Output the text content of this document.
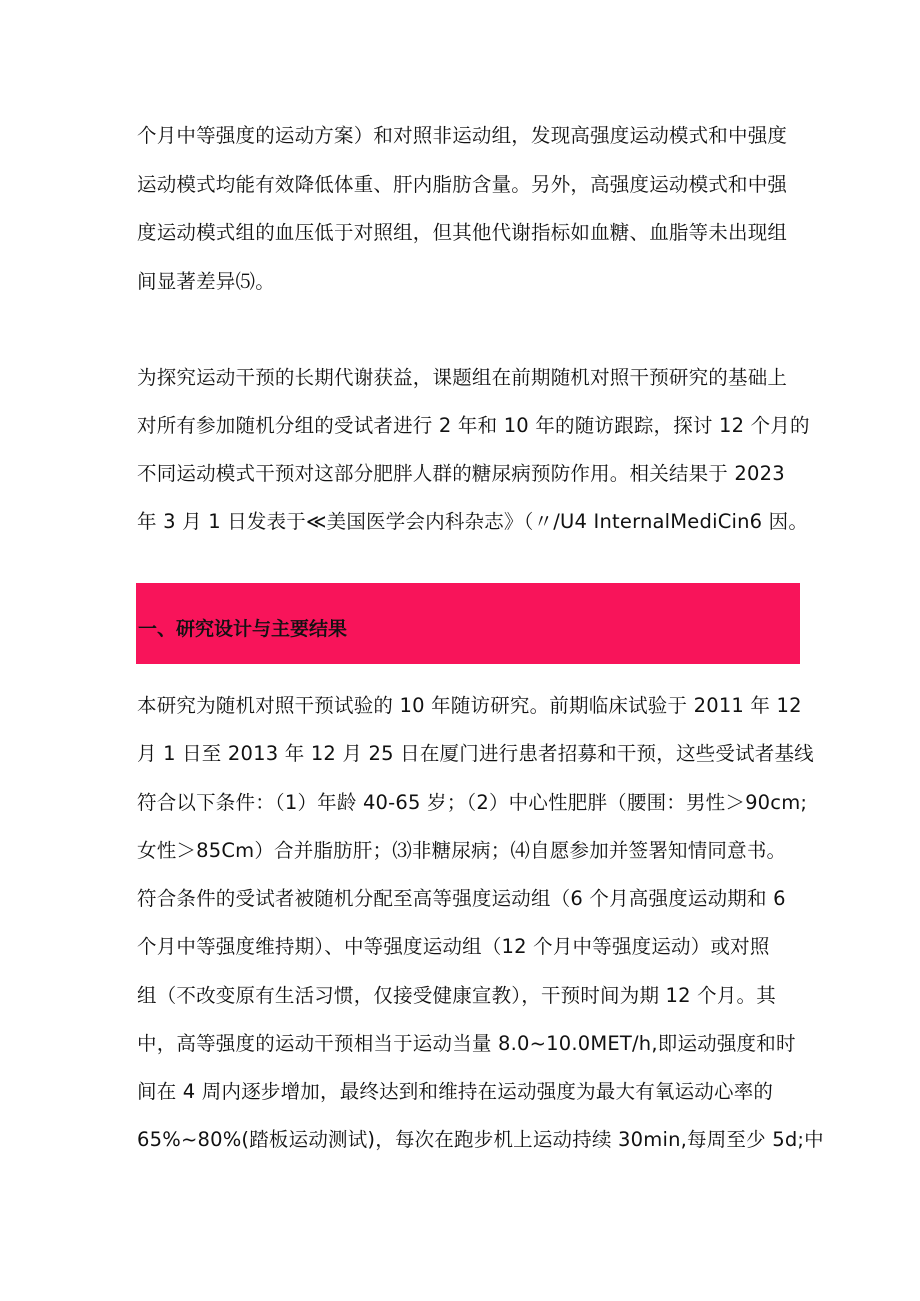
个月中等强度的运动方案）和对照非运动组，发现高强度运动模式和中强度
运动模式均能有效降低体重、肝内脂肪含量。另外，高强度运动模式和中强
度运动模式组的血压低于对照组，但其他代谢指标如血糖、血脂等未出现组
间显著差异⑸。
为探究运动干预的长期代谢获益，课题组在前期随机对照干预研究的基础上
对所有参加随机分组的受试者进行 2 年和 10 年的随访跟踪，探讨 12 个月的
不同运动模式干预对这部分肥胖人群的糖尿病预防作用。相关结果于 2023
年 3 月 1 日发表于≪美国医学会内科杂志》（〃/U4 InternalMediCin6 因。
一、研究设计与主要结果
本研究为随机对照干预试验的 10 年随访研究。前期临床试验于 2011 年 12
月 1 日至 2013 年 12 月 25 日在厦门进行患者招募和干预，这些受试者基线
符合以下条件：（1）年龄 40-65 岁；（2）中心性肥胖（腰围：男性＞90cm;
女性＞85Cm）合并脂肪肝；⑶非糖尿病；⑷自愿参加并签署知情同意书。
符合条件的受试者被随机分配至高等强度运动组（6 个月高强度运动期和 6
个月中等强度维持期）、中等强度运动组（12 个月中等强度运动）或对照
组（不改变原有生活习惯，仅接受健康宣教），干预时间为期 12 个月。其
中，高等强度的运动干预相当于运动当量 8.0~10.0MET/h,即运动强度和时
间在 4 周内逐步增加，最终达到和维持在运动强度为最大有氧运动心率的
65%~80%(踏板运动测试)，每次在跑步机上运动持续 30min,每周至少 5d;中
